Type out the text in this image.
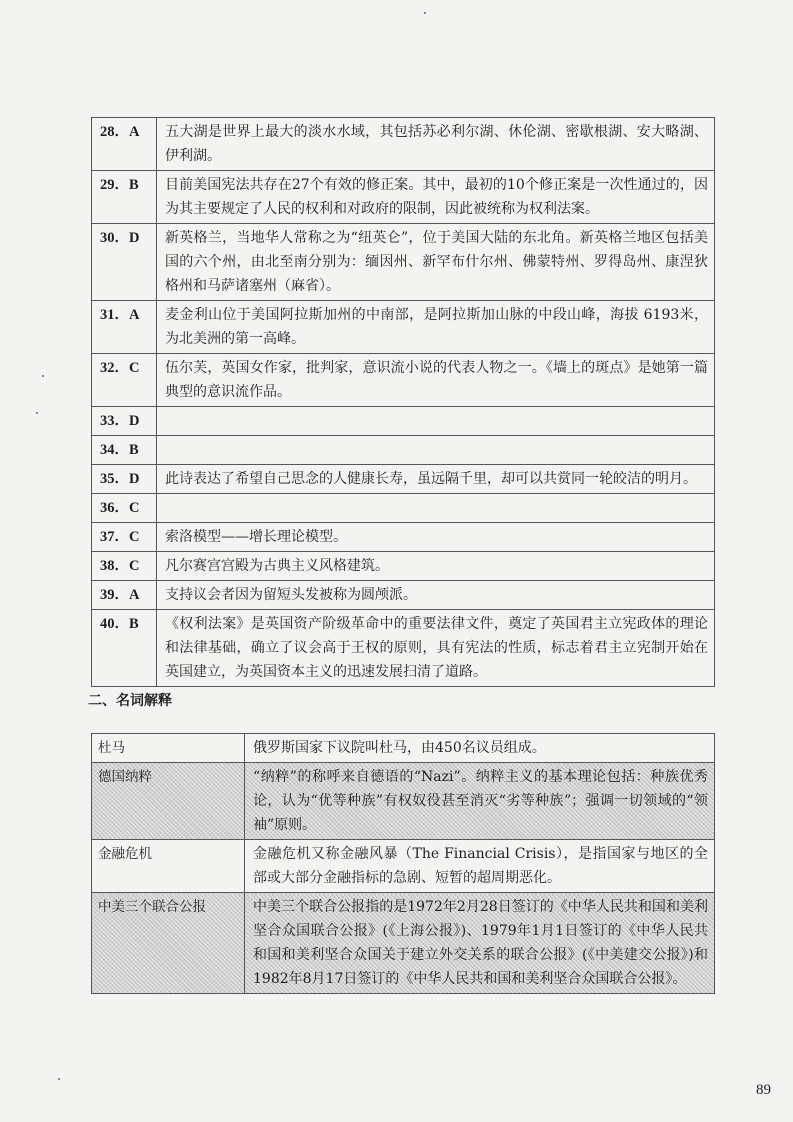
28．A	五大湖是世界上最大的淡水水域，其包括苏必利尔湖、休伦湖、密歇根湖、安大略湖、伊利湖。
29．B	目前美国宪法共存在27个有效的修正案。其中，最初的10个修正案是一次性通过的，因为其主要规定了人民的权利和对政府的限制，因此被统称为权利法案。
30．D	新英格兰，当地华人常称之为“纽英仑”，位于美国大陆的东北角。新英格兰地区包括美国的六个州，由北至南分别为：缅因州、新罕布什尔州、佛蒙特州、罗得岛州、康涅狄格州和马萨诸塞州（麻省）。
31．A	麦金利山位于美国阿拉斯加州的中南部，是阿拉斯加山脉的中段山峰，海拔 6193米，为北美洲的第一高峰。
32．C	伍尔芙，英国女作家，批判家，意识流小说的代表人物之一。《墙上的斑点》是她第一篇典型的意识流作品。
33．D	
34．B	
35．D	此诗表达了希望自己思念的人健康长寿，虽远隔千里，却可以共赏同一轮皎洁的明月。
36．C	
37．C	索洛模型——增长理论模型。
38．C	凡尔赛宫宫殿为古典主义风格建筑。
39．A	支持议会者因为留短头发被称为圆颅派。
40．B	《权利法案》是英国资产阶级革命中的重要法律文件，奠定了英国君主立宪政体的理论和法律基础，确立了议会高于王权的原则，具有宪法的性质，标志着君主立宪制开始在英国建立，为英国资本主义的迅速发展扫清了道路。
二、名词解释
杜马	俄罗斯国家下议院叫杜马，由450名议员组成。
德国纳粹	“纳粹”的称呼来自德语的“Nazi”。纳粹主义的基本理论包括：种族优秀论，认为“优等种族”有权奴役甚至消灭“劣等种族”；强调一切领域的“领袖”原则。
金融危机	金融危机又称金融风暴（The Financial Crisis），是指国家与地区的全部或大部分金融指标的急剧、短暂的超周期恶化。
中美三个联合公报	中美三个联合公报指的是1972年2月28日签订的《中华人民共和国和美利坚合众国联合公报》(《上海公报》)、1979年1月1日签订的《中华人民共和国和美利坚合众国关于建立外交关系的联合公报》(《中美建交公报》)和1982年8月17日签订的《中华人民共和国和美利坚合众国联合公报》。
89
